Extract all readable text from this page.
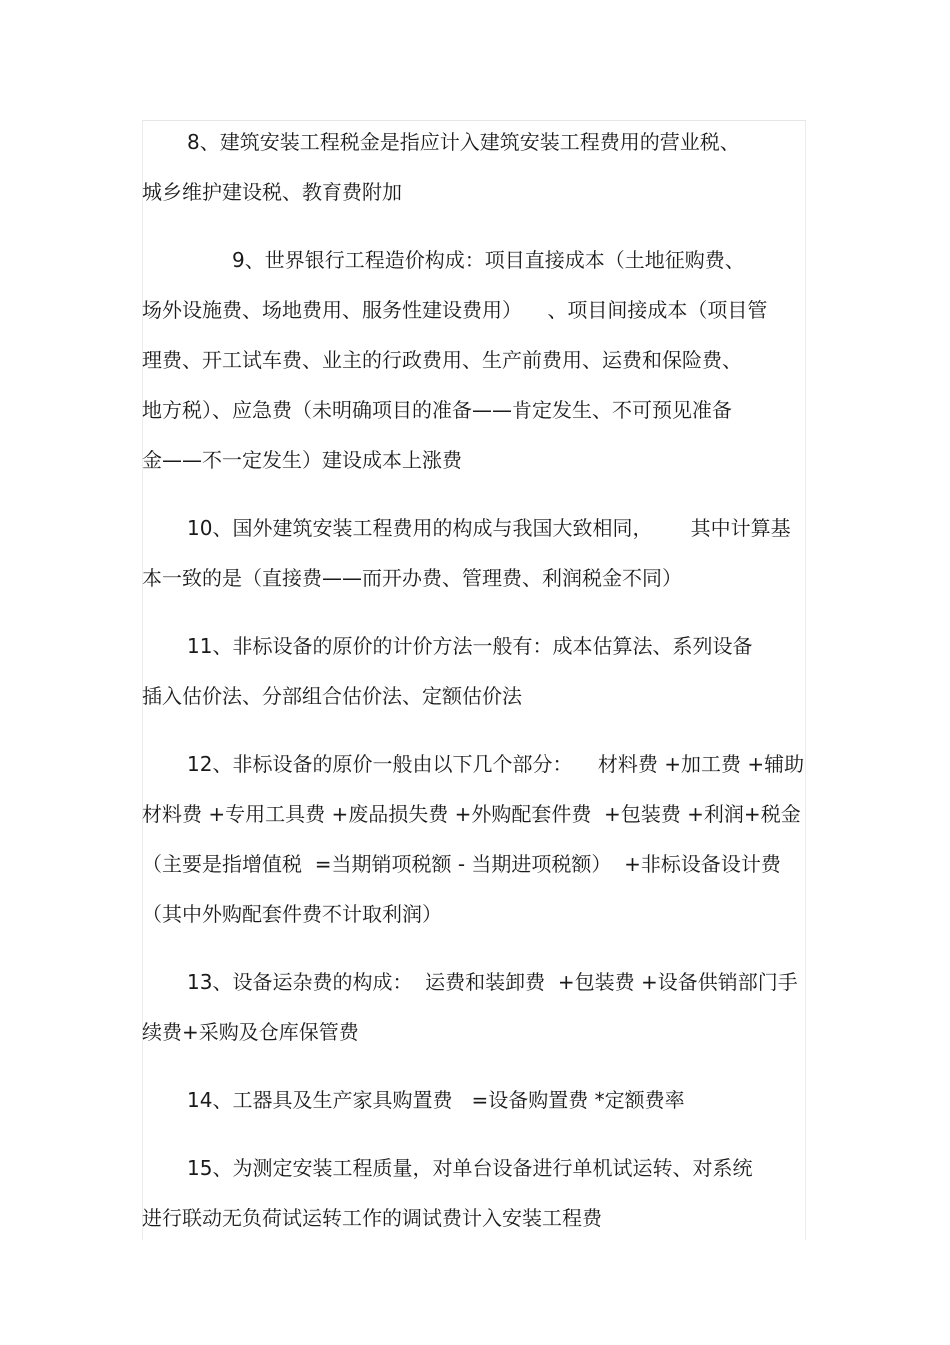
8、建筑安装工程税金是指应计入建筑安装工程费用的营业税、
城乡维护建设税、教育费附加
9、世界银行工程造价构成：项目直接成本（土地征购费、
场外设施费、场地费用、服务性建设费用）    、项目间接成本（项目管
理费、开工试车费、业主的行政费用、生产前费用、运费和保险费、
地方税）、应急费（未明确项目的准备——肯定发生、不可预见准备
金——不一定发生）建设成本上涨费
10、国外建筑安装工程费用的构成与我国大致相同，      其中计算基
本一致的是（直接费——而开办费、管理费、利润税金不同）
11、非标设备的原价的计价方法一般有：成本估算法、系列设备
插入估价法、分部组合估价法、定额估价法
12、非标设备的原价一般由以下几个部分：    材料费 +加工费 +辅助
材料费 +专用工具费 +废品损失费 +外购配套件费  +包装费 +利润+税金
（主要是指增值税  =当期销项税额 - 当期进项税额）  +非标设备设计费
（其中外购配套件费不计取利润）
13、设备运杂费的构成：  运费和装卸费  +包装费 +设备供销部门手
续费+采购及仓库保管费
14、工器具及生产家具购置费   =设备购置费 *定额费率
15、为测定安装工程质量，对单台设备进行单机试运转、对系统
进行联动无负荷试运转工作的调试费计入安装工程费
